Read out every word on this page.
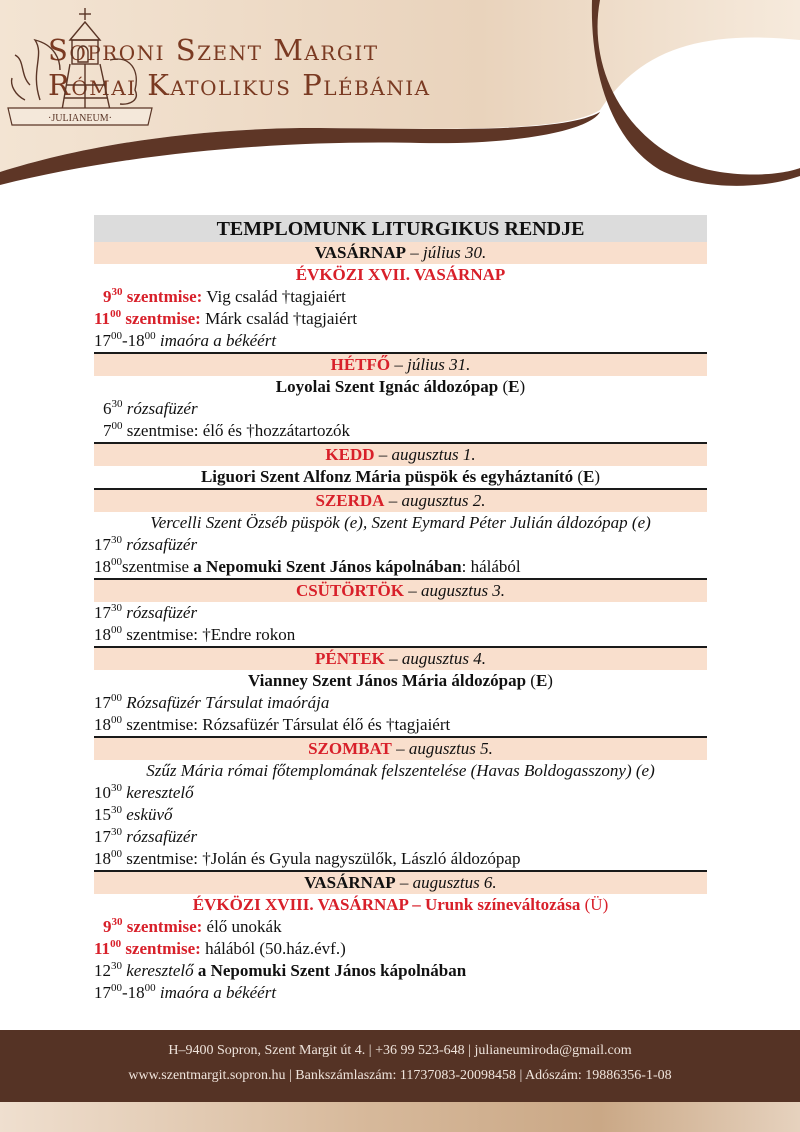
Soproni Szent Margit
Római Katolikus Plébánia
·JULIANEUM·
TEMPLOMUNK LITURGIKUS RENDJE
VASÁRNAP – július 30.
ÉVKÖZI XVII. VASÁRNAP
$9^{30}$ szentmise: Vig család †tagjaiért
$11^{00}$ szentmise: Márk család †tagjaiért
$17^{00}-18^{00}$ imaóra a békéért
HÉTFŐ – július 31.
Loyolai Szent Ignác áldozópap (E)
$6^{30}$ rózsafüzér
$7^{00}$ szentmise: élő és †hozzátartozók
KEDD – augusztus 1.
Liguori Szent Alfonz Mária püspök és egyháztanító (E)
SZERDA – augusztus 2.
Vercelli Szent Özséb püspök (e), Szent Eymard Péter Julián áldozópap (e)
$17^{30}$ rózsafüzér
$18^{00}szentmise$ a Nepomuki Szent János kápolnában: hálából
CSÜTÖRTÖK – augusztus 3.
$17^{30}$ rózsafüzér
$18^{00}$ szentmise: †Endre rokon
PÉNTEK – augusztus 4.
Vianney Szent János Mária áldozópap (E)
$17^{00}$ Rózsafüzér Társulat imaórája
$18^{00}$ szentmise: Rózsafüzér Társulat élő és †tagjaiért
SZOMBAT – augusztus 5.
Szűz Mária római főtemplomának felszentelése (Havas Boldogasszony) (e)
$10^{30}$ keresztelő
$15^{30}$ esküvő
$17^{30}$ rózsafüzér
$18^{00}$ szentmise: †Jolán és Gyula nagyszülők, László áldozópap
VASÁRNAP – augusztus 6.
ÉVKÖZI XVIII. VASÁRNAP – Urunk színeváltozása (Ü)
$9^{30}$ szentmise: élő unokák
$11^{00}$ szentmise: hálából (50.ház.évf.)
$12^{30}$ keresztelő a Nepomuki Szent János kápolnában
$17^{00}-18^{00}$ imaóra a békéért
H–9400 Sopron, Szent Margit út 4. | +36 99 523-648 | julianeumiroda@gmail.com
www.szentmargit.sopron.hu | Bankszámlaszám: 11737083-20098458 | Adószám: 19886356-1-08
